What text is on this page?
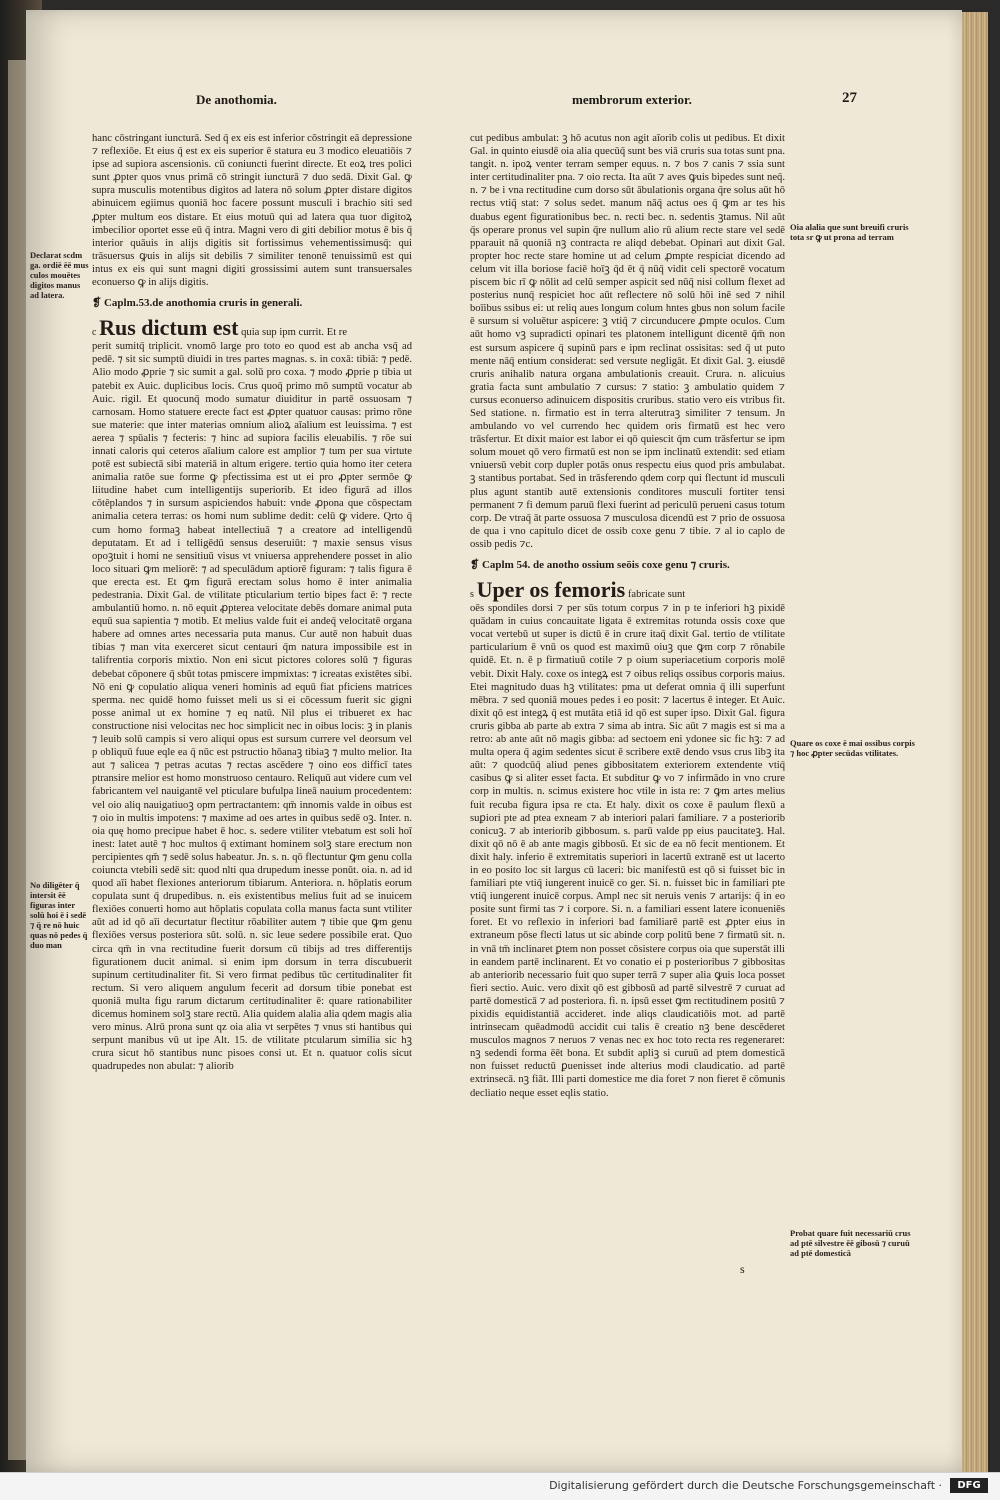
De anothomia.	membrorum exterior.	27

hanc cōstringant iuncturā. Sed q̄ ex eis est inferior cōstringit eā depressione ⁊ reflexiōe. Et eius q̄ est ex eis superior ē statura eu 3 modico eleuatiōis ⁊ ipse ad supiora ascensionis. cū coniuncti fuerint directe. Et eoꝝ tres polici sunt ꝓpter quos vnus primā cō stringit iuncturā ⁊ duo sedā. Dixit Gal. ꝙ supra musculis motentibus digitos ad latera nō solum ꝓpter distare digitos abinuicem egiimus quoniā hoc facere possunt musculi i brachio siti sed ꝓpter multum eos distare. Et eius motuū qui ad latera qua tuor digitoꝝ imbecilior oportet esse eū q̄ intra. Magni vero di giti debilior motus ē bis q̄ interior quāuis in alijs digitis sit fortissimus vehementissimusq̄: qui trāsuersus ꝙuis in alijs sit debilis ⁊ similiter tenonē tenuissimū est qui intus ex eis qui sunt magni digiti grossissimi autem sunt transuersales econuerso ꝙ in alijs digitis.

❡ Caplm.53.de anothomia cruris in generali.

c Rus dictum est quia sup ipm currit. Et re

perit sumitq̄ triplicit. vnomō large pro toto eo quod est ab ancha vsq̄ ad pedē. ⁊ sit sic sumptū diuidi in tres partes magnas. s. in coxā: tibiā: ⁊ pedē. Alio modo ꝓprie ⁊ sic sumit a gal. solū pro coxa. ⁊ modo ꝓprie p tibia ut patebit ex Auic. duplicibus locis. Crus quoq̄ primo mō sumptū vocatur ab Auic. rigil. Et quocunq̄ modo sumatur diuiditur in partē ossuosam ⁊ carnosam. Homo statuere erecte fact est ꝓpter quatuor causas: primo rōne sue materie: que inter materias omnium alioꝝ aīalium est leuissima. ⁊ est aerea ⁊ spūalis ⁊ fecteris: ⁊ hinc ad supiora facilis eleuabilis. ⁊ rōe sui innati caloris qui ceteros aīalium calore est amplior ⁊ tum per sua virtute potē est subiectā sibi materiā in altum erigere. tertio quia homo iter cetera animalia ratōe sue forme ꝙ pfectissima est ut ei pro ꝓpter sermōe ꝙ liitudine habet cum intelligentijs superiorib. Et ideo figurā ad illos cōtēplandos ⁊ in sursum aspiciendos habuit: vnde ꝓpona que cōspectam animalia cetera terras: os homi num sublime dedit: celū ꝙ videre. Qrto q̄ cum homo formaꝫ habeat intellectiuā ⁊ a creatore ad intelligendū deputatam. Et ad i telligēdū sensus deseruiūt: ⁊ maxie sensus visus opoꝫtuit i homi ne sensitiuū visus vt vniuersa apprehendere posset in alio loco situari ꝙm meliorē: ⁊ ad speculādum aptiorē figuram: ⁊ talis figura ē que erecta est. Et ꝙm figurā erectam solus homo ē inter animalia pedestrania. Dixit Gal. de vtilitate pticularium tertio bipes fact ē: ⁊ recte ambulantiū homo. n. nō equit ꝓpterea velocitate debēs domare animal puta equū sua sapientia ⁊ motib. Et melius valde fuit ei andeq̄ velocitatē organa habere ad omnes artes necessaria puta manus. Cur autē non habuit duas tibias ⁊ man vita exerceret sicut centauri q̄m natura impossibile est in talifrentia corporis mixtio. Non eni sicut pictores colores solū ⁊ figuras debebat cōponere q̄ sbūt totas pmiscere impmixtas: ⁊ icreatas existētes sibi. Nō eni ꝙ copulatio aliqua veneri hominis ad equū fiat pficiens matrices sperma. nec quidē homo fuisset meli us si ei cōcessum fuerit sic gigni posse animal ut ex homine ⁊ eq natū. Nil plus ei tribueret ex hac constructione nisi velocitas nec hoc simplicit nec in oibus locis: ꝫ in planis ⁊ leuib solū campis si vero aliqui opus est sursum currere vel deorsum vel p obliquū fuue eqle ea q̄ nūc est pstructio hōanaꝫ tibiaꝫ ⁊ multo melior. Ita aut ⁊ salicea ⁊ petras acutas ⁊ rectas ascēdere ⁊ oino eos difficī tates ptransire melior est homo monstruoso centauro. Reliquū aut videre cum vel fabricantem vel nauigantē vel pticulare bufulpa lineā nauium procedentem: vel oio aliq nauigatiuoꝫ opm pertractantem: qm̄ innomis valde in oibus est ⁊ oio in multis impotens: ⁊ maxime ad oes artes in quibus sedē oꝫ. Inter. n. oia quę homo precipue habet ē hoc. s. sedere vtiliter vtebatum est soli hoī inest: latet autē ⁊ hoc multos q̄ extimant hominem solꝫ stare erectum non percipientes qm̄ ⁊ sedē solus habeatur. Jn. s. n. qō flectuntur ꝙm genu colla coiuncta vtebili sedē sit: quod nlti qua drupedum inesse ponūt. oia. n. ad id quod aīi habet flexiones anteriorum tibiarum. Anteriora. n. hōplatis eorum copulata sunt q̄ drupedibus. n. eis existentibus melius fuit ad se inuicem flexiōes conuerti homo aut hōplatis copulata colla manus facta sunt vtiliter aūt ad id qō aīi decurtatur flectitur rōabiliter autem ⁊ tibie que ꝙm genu flexiōes versus posteriora sūt. solū. n. sic leue sedere possibile erat. Quo circa qm̄ in vna rectitudine fuerit dorsum cū tibijs ad tres differentijs figurationem ducit animal. si enim ipm dorsum in terra discubuerit supinum certitudinaliter fit. Si vero firmat pedibus tūc certitudinaliter fit rectum. Si vero aliquem angulum fecerit ad dorsum tibie ponebat est quoniā multa figu rarum dictarum certitudinaliter ē: quare rationabiliter dicemus hominem solꝫ stare rectū. Alia quidem alalia alia qdem magis alia vero minus. Alrū prona sunt qz oia alia vt serpētes ⁊ vnus sti hantibus qui serpunt manibus vū ut ipe Alt. 15. de vtilitate ptcularum similia sic hꝫ crura sicut hō stantibus nunc pisoes consi ut. Et n. quatuor colis sicut quadrupedes non abulat: ⁊ aliorib

cut pedibus ambulat: ꝫ hō acutus non agit aīorib colis ut pedibus. Et dixit Gal. in quinto eiusdē oia alia quecūq̄ sunt bes viā cruris sua totas sunt pna. tangit. n. ipoꝝ venter terram semper equus. n. ⁊ bos ⁊ canis ⁊ ssia sunt inter certitudinaliter pna. ⁊ oio recta. Ita aūt ⁊ aves ꝙuis bipedes sunt neq̄. n. ⁊ be i vna rectitudine cum dorso sūt ābulationis organa q̄re solus aūt hō rectus vtiq̄ stat: ⁊ solus sedet. manum nāq̄ actus oes q̄ ꝙm ar tes his duabus egent figurationibus bec. n. recti bec. n. sedentis ꝫtamus. Nil aūt q̄s operare pronus vel supin q̄re nullum alio rū alium recte stare vel sedē pparauit nā quoniā nꝫ contracta re aliqd debebat. Opinari aut dixit Gal. propter hoc recte stare homine ut ad celum ꝓmpte respiciat dicendo ad celum vit illa boriose faciē hoīꝫ q̄d ēt q̄ nūq̄ vidit celi spectorē vocatum piscem bic rī ꝙ nōlit ad celū semper aspicit sed nūq̄ nisi collum flexet ad posterius nunq̄ respiciet hoc aūt reflectere nō solū hōi inē sed ⁊ nihil boīibus ssibus ei: ut reliq aues longum colum hntes gbus non solum facile ē sursum si voluētur aspicere: ꝫ vtiq̄ ⁊ circunducere ꝓmpte oculos. Cum aūt homo vꝫ supradicti opinari tes platonem intelligunt dicentē q̄m̄ non est sursum aspicere q̄ supinū pars e ipm reclinat ossisitas: sed q̄ ut puto mente nāq̄ entium considerat: sed versute negligāt. Et dixit Gal. ꝫ. eiusdē cruris anihalib natura organa ambulationis creauit. Crura. n. alicuius gratia facta sunt ambulatio ⁊ cursus: ⁊ statio: ꝫ ambulatio quidem ⁊ cursus econuerso adinuicem dispositis cruribus. statio vero eis vtribus fit. Sed statione. n. firmatio est in terra alterutraꝫ similiter ⁊ tensum. Jn ambulando vo vel currendo hec quidem oris firmatū est hec vero trāsfertur. Et dixit maior est labor ei qō quiescit q̄m cum trāsfertur se ipm solum mouet qō vero firmatū est non se ipm inclinatū extendit: sed etiam vniuersū vebit corp dupler potās onus respectu eius quod pris ambulabat. ꝫ stantibus portabat. Sed in trāsferendo qdem corp qui flectunt id musculi plus agunt stantib autē extensionis conditores musculi fortiter tensi permanent ⁊ fi demum paruū flexi fuerint ad periculū perueni casus totum corp. De vtraq̄ āt parte ossuosa ⁊ musculosa dicendū est ⁊ prio de ossuosa de qua i vno capitulo dicet de ossib coxe genu ⁊ tibie. ⁊ al io caplo de ossib pedis ⁊c.

❡ Caplm 54. de anotho ossium seōis coxe genu ⁊ cruris.

s Uper os femoris fabricate sunt

oēs spondiles dorsi ⁊ per sūs totum corpus ⁊ in p te inferiori hꝫ pixidē quādam in cuius concauitate ligata ē extremitas rotunda ossis coxe que vocat vertebū ut super is dictū ē in crure itaq̄ dixit Gal. tertio de vtilitate particularium ē vnū os quod est maximū oiuꝫ que ꝙm corp ⁊ rōnabile quidē. Et. n. ē p firmatiuū cotile ⁊ p oium superiacetium corporis molē vebit. Dixit Haly. coxe os integꝝ est ⁊ oibus reliqs ossibus corporis maius. Etei magnitudo duas hꝫ vtilitates: pma ut deferat omnia q̄ illi superfunt mēbra. ⁊ sed quoniā moues pedes i eo posit: ⁊ lacertus ē integer. Et Auic. dixit qō est integꝝ q̄ est mutāta etiā id qō est super ipso. Dixit Gal. figura cruris gibba ab parte ab extra ⁊ sima ab intra. Sic aūt ⁊ magis est si ma a retro: ab ante aūt nō magis gibba: ad sectoem eni ydonee sic fic hꝫ: ⁊ ad multa opera q̄ agim sedentes sicut ē scribere extē dendo vsus crus libꝫ ita aūt: ⁊ quodcūq̄ aliud penes gibbositatem exteriorem extendente vtiq̄ casibus ꝙ si aliter esset facta. Et subditur ꝙ vo ⁊ infirmādo in vno crure corp in multis. n. scimus existere hoc vtile in ista re: ⁊ ꝙm artes melius fuit recuba figura ipsa re cta. Et haly. dixit os coxe ē paulum flexū a suꝑiori pte ad ptea exneam ⁊ ab interiori palari familiare. ⁊ a posteriorib conicuꝫ. ⁊ ab interiorib gibbosum. s. parū valde pp eius paucitateꝫ. Hal. dixit qō nō ē ab ante magis gibbosū. Et sic de ea nō fecit mentionem. Et dixit haly. inferio ē extremitatis superiori in lacertū extranē est ut lacerto in eo posito loc sit largus cū laceri: bic manifestū est qō si fuisset bic in familiari pte vtiq̄ iungerent inuicē co ger. Si. n. fuisset bic in familiari pte vtiq̄ iungerent inuicē corpus. Ampl nec sit neruis venis ⁊ artarijs: q̄ in eo posite sunt firmi tas ⁊ i corpore. Si. n. a familiari essent latere iconueniēs foret. Et vo reflexio in inferiori bad familiarē partē est ꝓpter eius in extraneum pōse flecti latus ut sic abinde corp politū bene ⁊ firmatū sit. n. in vnā tm̄ inclinaret ꝑtem non posset cōsistere corpus oia que superstāt illi in eandem partē inclinarent. Et vo conatio ei p posterioribus ⁊ gibbositas ab anteriorib necessario fuit quo super terrā ⁊ super alia ꝙuis loca posset fieri sectio. Auic. vero dixit qō est gibbosū ad partē silvestrē ⁊ curuat ad partē domesticā ⁊ ad posteriora. fi. n. ipsū esset ꝙm rectitudinem positū ⁊ pixidis equidistantiā accideret. inde aliqs claudicatiōis mot. ad partē intrinsecam quēadmodū accidit cui talis ē creatio nꝫ bene descēderet musculos magnos ⁊ neruos ⁊ venas nec ex hoc toto recta res regeneraret: nꝫ sedendi forma ēēt bona. Et subdit apliꝫ si curuū ad ptem domesticā non fuisset reductū ꝑuenisset inde alterius modi claudicatio. ad partē extrinsecā. nꝫ fiāt. Illi parti domestice me dia foret ⁊ non fieret ē cōmunis decliatio neque esset eqlis statio.

Declarat scdm ga. ordiē ēē mus culos mouētes digitos manus ad latera.
No diligēter q̄ intersit ēē figuras inter solū hoi ē i sedē ⁊ q̄ re nō huic quas nō pedes q̄ duo man
Oia alalia que sunt breuifi cruris tota sr ꝙ ut prona ad terram
Quare os coxe ē mai ossibus corpis ⁊ hoc ꝓpter secūdas vtilitates.
Probat quare fuit necessariū crus ad ptē silvestre ēē gibosū ⁊ curuū ad ptē domesticā
s
Digitalisierung gefördert durch die Deutsche Forschungsgemeinschaft ·	DFG
